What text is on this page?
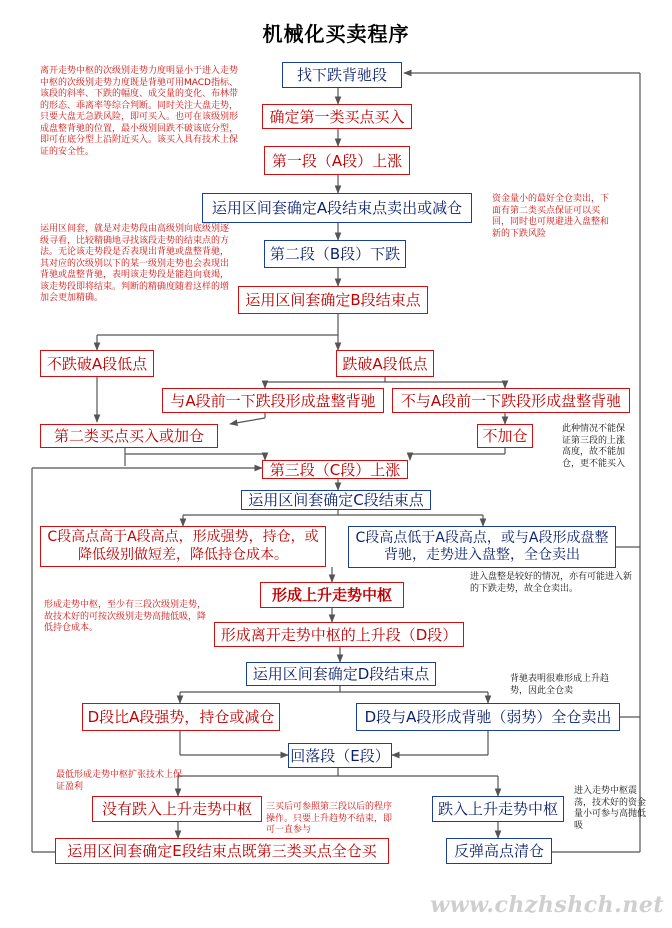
机械化买卖程序
找下跌背驰段
确定第一类买点买入
第一段（A段）上涨
运用区间套确定A段结束点卖出或减仓
第二段（B段）下跌
运用区间套确定B段结束点
不跌破A段低点	跌破A段低点
与A段前一下跌段形成盘整背驰	不与A段前一下跌段形成盘整背驰
第二类买点买入或加仓	不加仓
第三段（C段）上涨
运用区间套确定C段结束点
C段高点高于A段高点，形成强势，持仓，或降低级别做短差，降低持仓成本。
C段高点低于A段高点，或与A段形成盘整背驰，走势进入盘整，全仓卖出
形成上升走势中枢
形成离开走势中枢的上升段（D段）
运用区间套确定D段结束点
D段比A段强势，持仓或减仓	D段与A段形成背驰（弱势）全仓卖出
回落段（E段）
没有跌入上升走势中枢	跌入上升走势中枢
运用区间套确定E段结束点既第三类买点全仓买	反弹高点清仓
离开走势中枢的次级别走势力度明显小于进入走势中枢的次级别走势力度既是背驰可用MACD指标、该段的斜率、下跌的幅度、成交量的变化、布林带的形态、乖离率等综合判断。同时关注大盘走势，只要大盘无急跌风险，即可买入。也可在该级别形成盘整背驰的位置，最小级别回跌不破该底分型，即可在底分型上沿附近买入。该买入具有技术上保证的安全性。
运用区间套，就是对走势段由高级别向底级别逐级寻看，比较精确地寻找该段走势的结束点的方法。无论该走势段是否表现出背驰或盘整背驰，其对应的次级别以下的某一级别走势也会表现出背驰或盘整背驰，表明该走势段是能趋向衰竭，该走势段即将结束。判断的精确度随着这样的增加会更加精确。
资金量小的最好全仓卖出，下面有第二类买点保证可以买回，同时也可规避进入盘整和新的下跌风险
此种情况不能保证第三段的上涨高度，故不能加仓，更不能买入
进入盘整是较好的情况，亦有可能进入新的下跌走势，故全仓卖出。
形成走势中枢，至少有三段次级别走势，故技术好的可按次级别走势高抛低吸，降低持仓成本。
背驰表明很难形成上升趋势，因此全仓卖
最低形成走势中枢扩张技术上保证盈利
三买后可参照第三段以后的程序操作。只要上升趋势不结束，即可一直参与
进入走势中枢震荡，技术好的资金量小可参与高抛低吸
www.chzhshch.net
